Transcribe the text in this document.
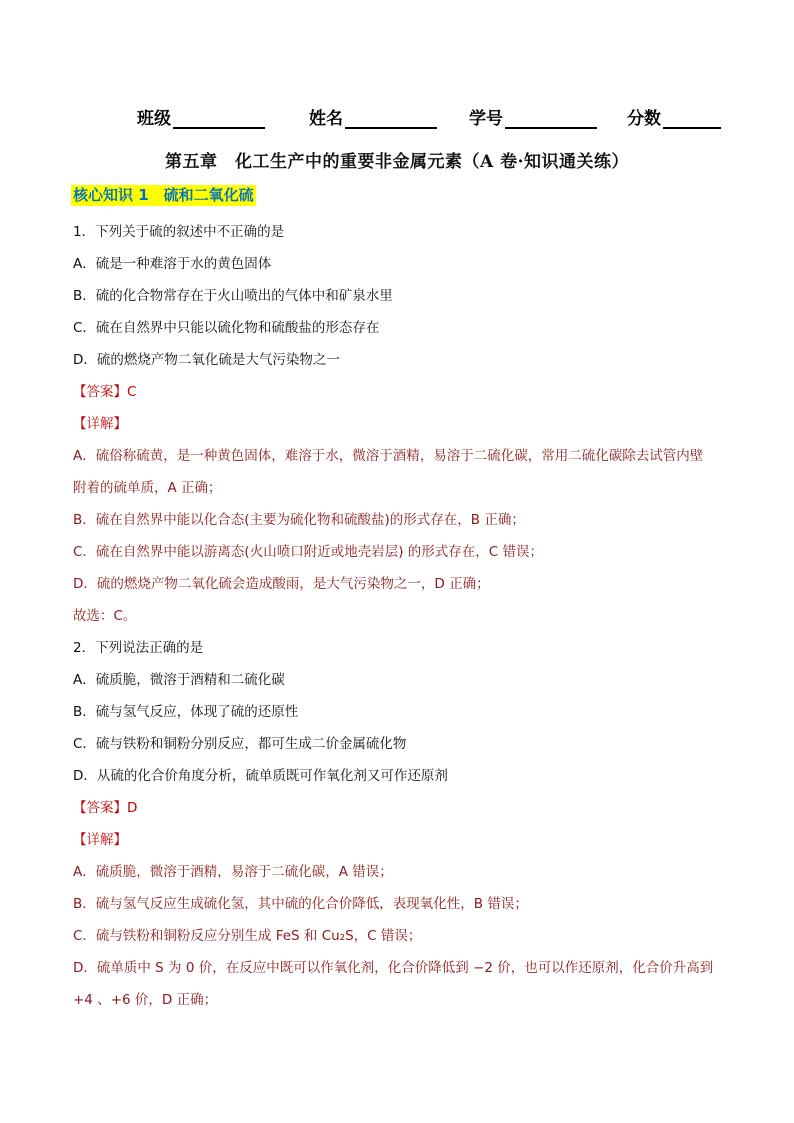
班级	姓名	学号	分数
第五章　化工生产中的重要非金属元素（A 卷·知识通关练）
核心知识 1　硫和二氧化硫
1．下列关于硫的叙述中不正确的是
A．硫是一种难溶于水的黄色固体
B．硫的化合物常存在于火山喷出的气体中和矿泉水里
C．硫在自然界中只能以硫化物和硫酸盐的形态存在
D．硫的燃烧产物二氧化硫是大气污染物之一
【答案】C
【详解】
A．硫俗称硫黄，是一种黄色固体，难溶于水，微溶于酒精，易溶于二硫化碳，常用二硫化碳除去试管内壁
附着的硫单质，A 正确；
B．硫在自然界中能以化合态(主要为硫化物和硫酸盐)的形式存在，B 正确；
C．硫在自然界中能以游离态(火山喷口附近或地壳岩层) 的形式存在，C 错误；
D．硫的燃烧产物二氧化硫会造成酸雨，是大气污染物之一，D 正确；
故选：C。
2．下列说法正确的是
A．硫质脆，微溶于酒精和二硫化碳
B．硫与氢气反应，体现了硫的还原性
C．硫与铁粉和铜粉分别反应，都可生成二价金属硫化物
D．从硫的化合价角度分析，硫单质既可作氧化剂又可作还原剂
【答案】D
【详解】
A．硫质脆，微溶于酒精，易溶于二硫化碳，A 错误；
B．硫与氢气反应生成硫化氢，其中硫的化合价降低，表现氧化性，B 错误；
C．硫与铁粉和铜粉反应分别生成 FeS 和 Cu₂S，C 错误；
D．硫单质中 S 为 0 价，在反应中既可以作氧化剂，化合价降低到 −2 价，也可以作还原剂，化合价升高到
+4 、+6 价，D 正确；
